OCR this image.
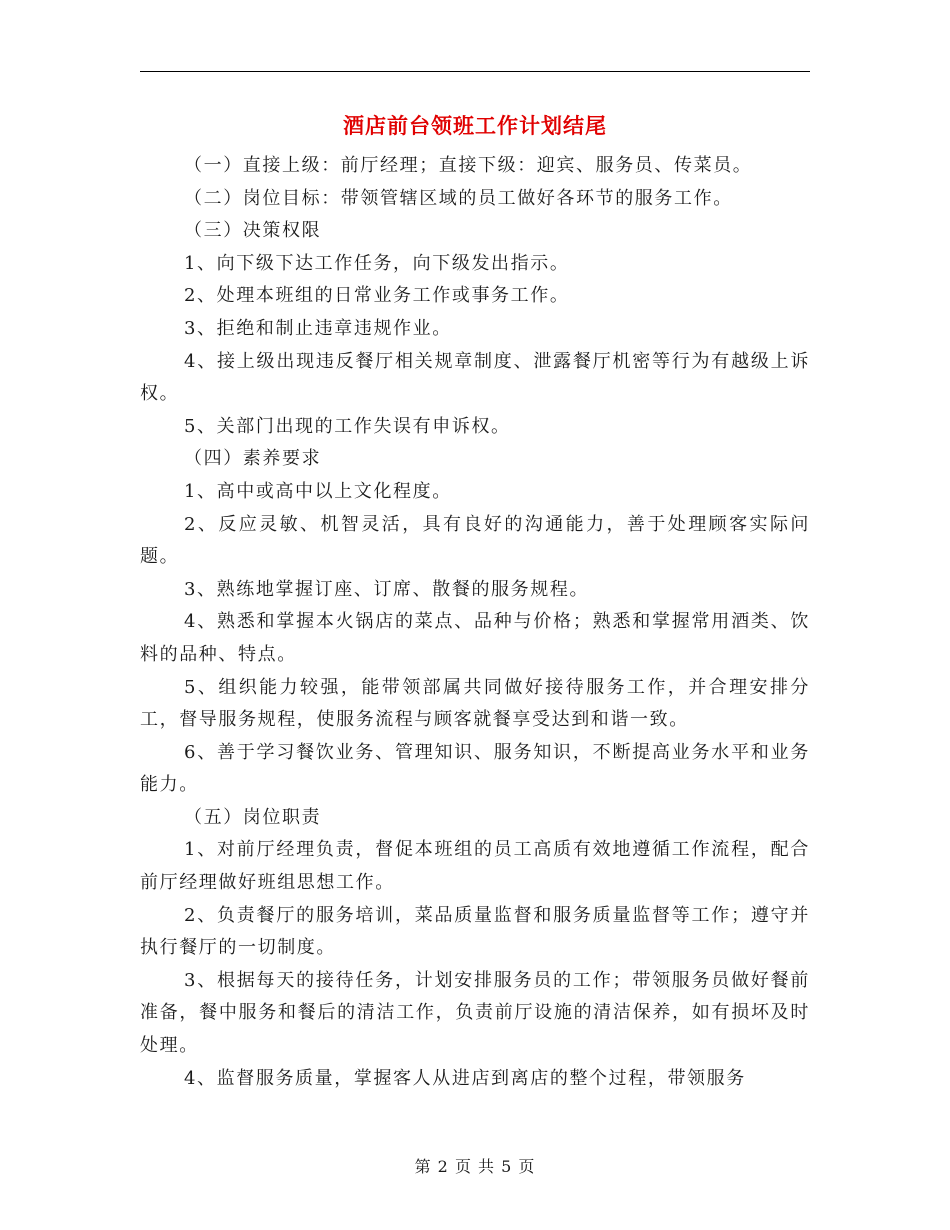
酒店前台领班工作计划结尾

（一）直接上级：前厅经理；直接下级：迎宾、服务员、传菜员。

（二）岗位目标：带领管辖区域的员工做好各环节的服务工作。

（三）决策权限

1、向下级下达工作任务，向下级发出指示。

2、处理本班组的日常业务工作或事务工作。

3、拒绝和制止违章违规作业。

4、接上级出现违反餐厅相关规章制度、泄露餐厅机密等行为有越级上诉权。

5、关部门出现的工作失误有申诉权。

（四）素养要求

1、高中或高中以上文化程度。

2、反应灵敏、机智灵活，具有良好的沟通能力，善于处理顾客实际问题。

3、熟练地掌握订座、订席、散餐的服务规程。

4、熟悉和掌握本火锅店的菜点、品种与价格；熟悉和掌握常用酒类、饮料的品种、特点。

5、组织能力较强，能带领部属共同做好接待服务工作，并合理安排分工，督导服务规程，使服务流程与顾客就餐享受达到和谐一致。

6、善于学习餐饮业务、管理知识、服务知识，不断提高业务水平和业务能力。

（五）岗位职责

1、对前厅经理负责，督促本班组的员工高质有效地遵循工作流程，配合前厅经理做好班组思想工作。

2、负责餐厅的服务培训，菜品质量监督和服务质量监督等工作；遵守并执行餐厅的一切制度。

3、根据每天的接待任务，计划安排服务员的工作；带领服务员做好餐前准备，餐中服务和餐后的清洁工作，负责前厅设施的清洁保养，如有损坏及时处理。

4、监督服务质量，掌握客人从进店到离店的整个过程，带领服务

第 2 页 共 5 页
